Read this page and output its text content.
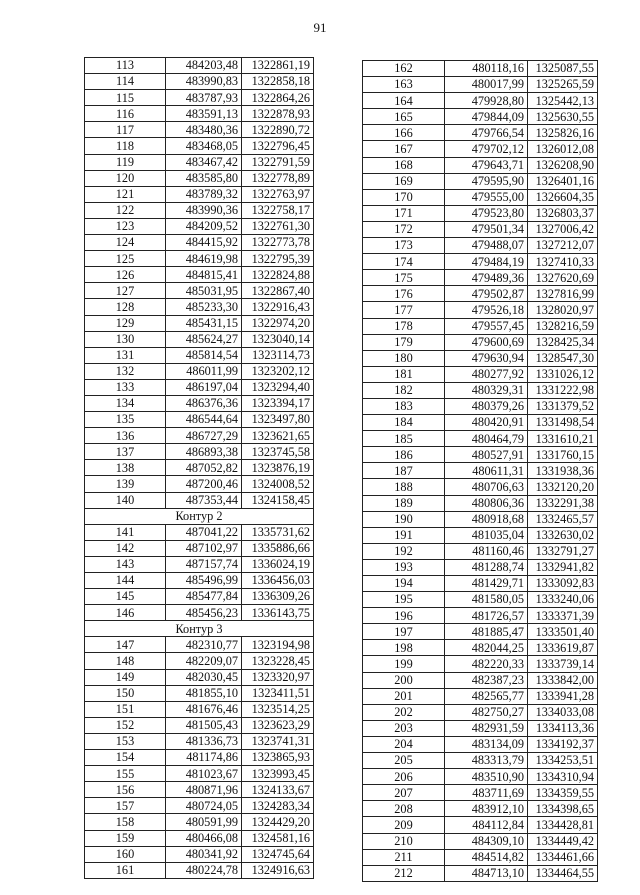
91
113	484203,48	1322861,19
114	483990,83	1322858,18
115	483787,93	1322864,26
116	483591,13	1322878,93
117	483480,36	1322890,72
118	483468,05	1322796,45
119	483467,42	1322791,59
120	483585,80	1322778,89
121	483789,32	1322763,97
122	483990,36	1322758,17
123	484209,52	1322761,30
124	484415,92	1322773,78
125	484619,98	1322795,39
126	484815,41	1322824,88
127	485031,95	1322867,40
128	485233,30	1322916,43
129	485431,15	1322974,20
130	485624,27	1323040,14
131	485814,54	1323114,73
132	486011,99	1323202,12
133	486197,04	1323294,40
134	486376,36	1323394,17
135	486544,64	1323497,80
136	486727,29	1323621,65
137	486893,38	1323745,58
138	487052,82	1323876,19
139	487200,46	1324008,52
140	487353,44	1324158,45
Контур 2		
141	487041,22	1335731,62
142	487102,97	1335886,66
143	487157,74	1336024,19
144	485496,99	1336456,03
145	485477,84	1336309,26
146	485456,23	1336143,75
Контур 3		
147	482310,77	1323194,98
148	482209,07	1323228,45
149	482030,45	1323320,97
150	481855,10	1323411,51
151	481676,46	1323514,25
152	481505,43	1323623,29
153	481336,73	1323741,31
154	481174,86	1323865,93
155	481023,67	1323993,45
156	480871,96	1324133,67
157	480724,05	1324283,34
158	480591,99	1324429,20
159	480466,08	1324581,16
160	480341,92	1324745,64
161	480224,78	1324916,63
162	480118,16	1325087,55
163	480017,99	1325265,59
164	479928,80	1325442,13
165	479844,09	1325630,55
166	479766,54	1325826,16
167	479702,12	1326012,08
168	479643,71	1326208,90
169	479595,90	1326401,16
170	479555,00	1326604,35
171	479523,80	1326803,37
172	479501,34	1327006,42
173	479488,07	1327212,07
174	479484,19	1327410,33
175	479489,36	1327620,69
176	479502,87	1327816,99
177	479526,18	1328020,97
178	479557,45	1328216,59
179	479600,69	1328425,34
180	479630,94	1328547,30
181	480277,92	1331026,12
182	480329,31	1331222,98
183	480379,26	1331379,52
184	480420,91	1331498,54
185	480464,79	1331610,21
186	480527,91	1331760,15
187	480611,31	1331938,36
188	480706,63	1332120,20
189	480806,36	1332291,38
190	480918,68	1332465,57
191	481035,04	1332630,02
192	481160,46	1332791,27
193	481288,74	1332941,82
194	481429,71	1333092,83
195	481580,05	1333240,06
196	481726,57	1333371,39
197	481885,47	1333501,40
198	482044,25	1333619,87
199	482220,33	1333739,14
200	482387,23	1333842,00
201	482565,77	1333941,28
202	482750,27	1334033,08
203	482931,59	1334113,36
204	483134,09	1334192,37
205	483313,79	1334253,51
206	483510,90	1334310,94
207	483711,69	1334359,55
208	483912,10	1334398,65
209	484112,84	1334428,81
210	484309,10	1334449,42
211	484514,82	1334461,66
212	484713,10	1334464,55
